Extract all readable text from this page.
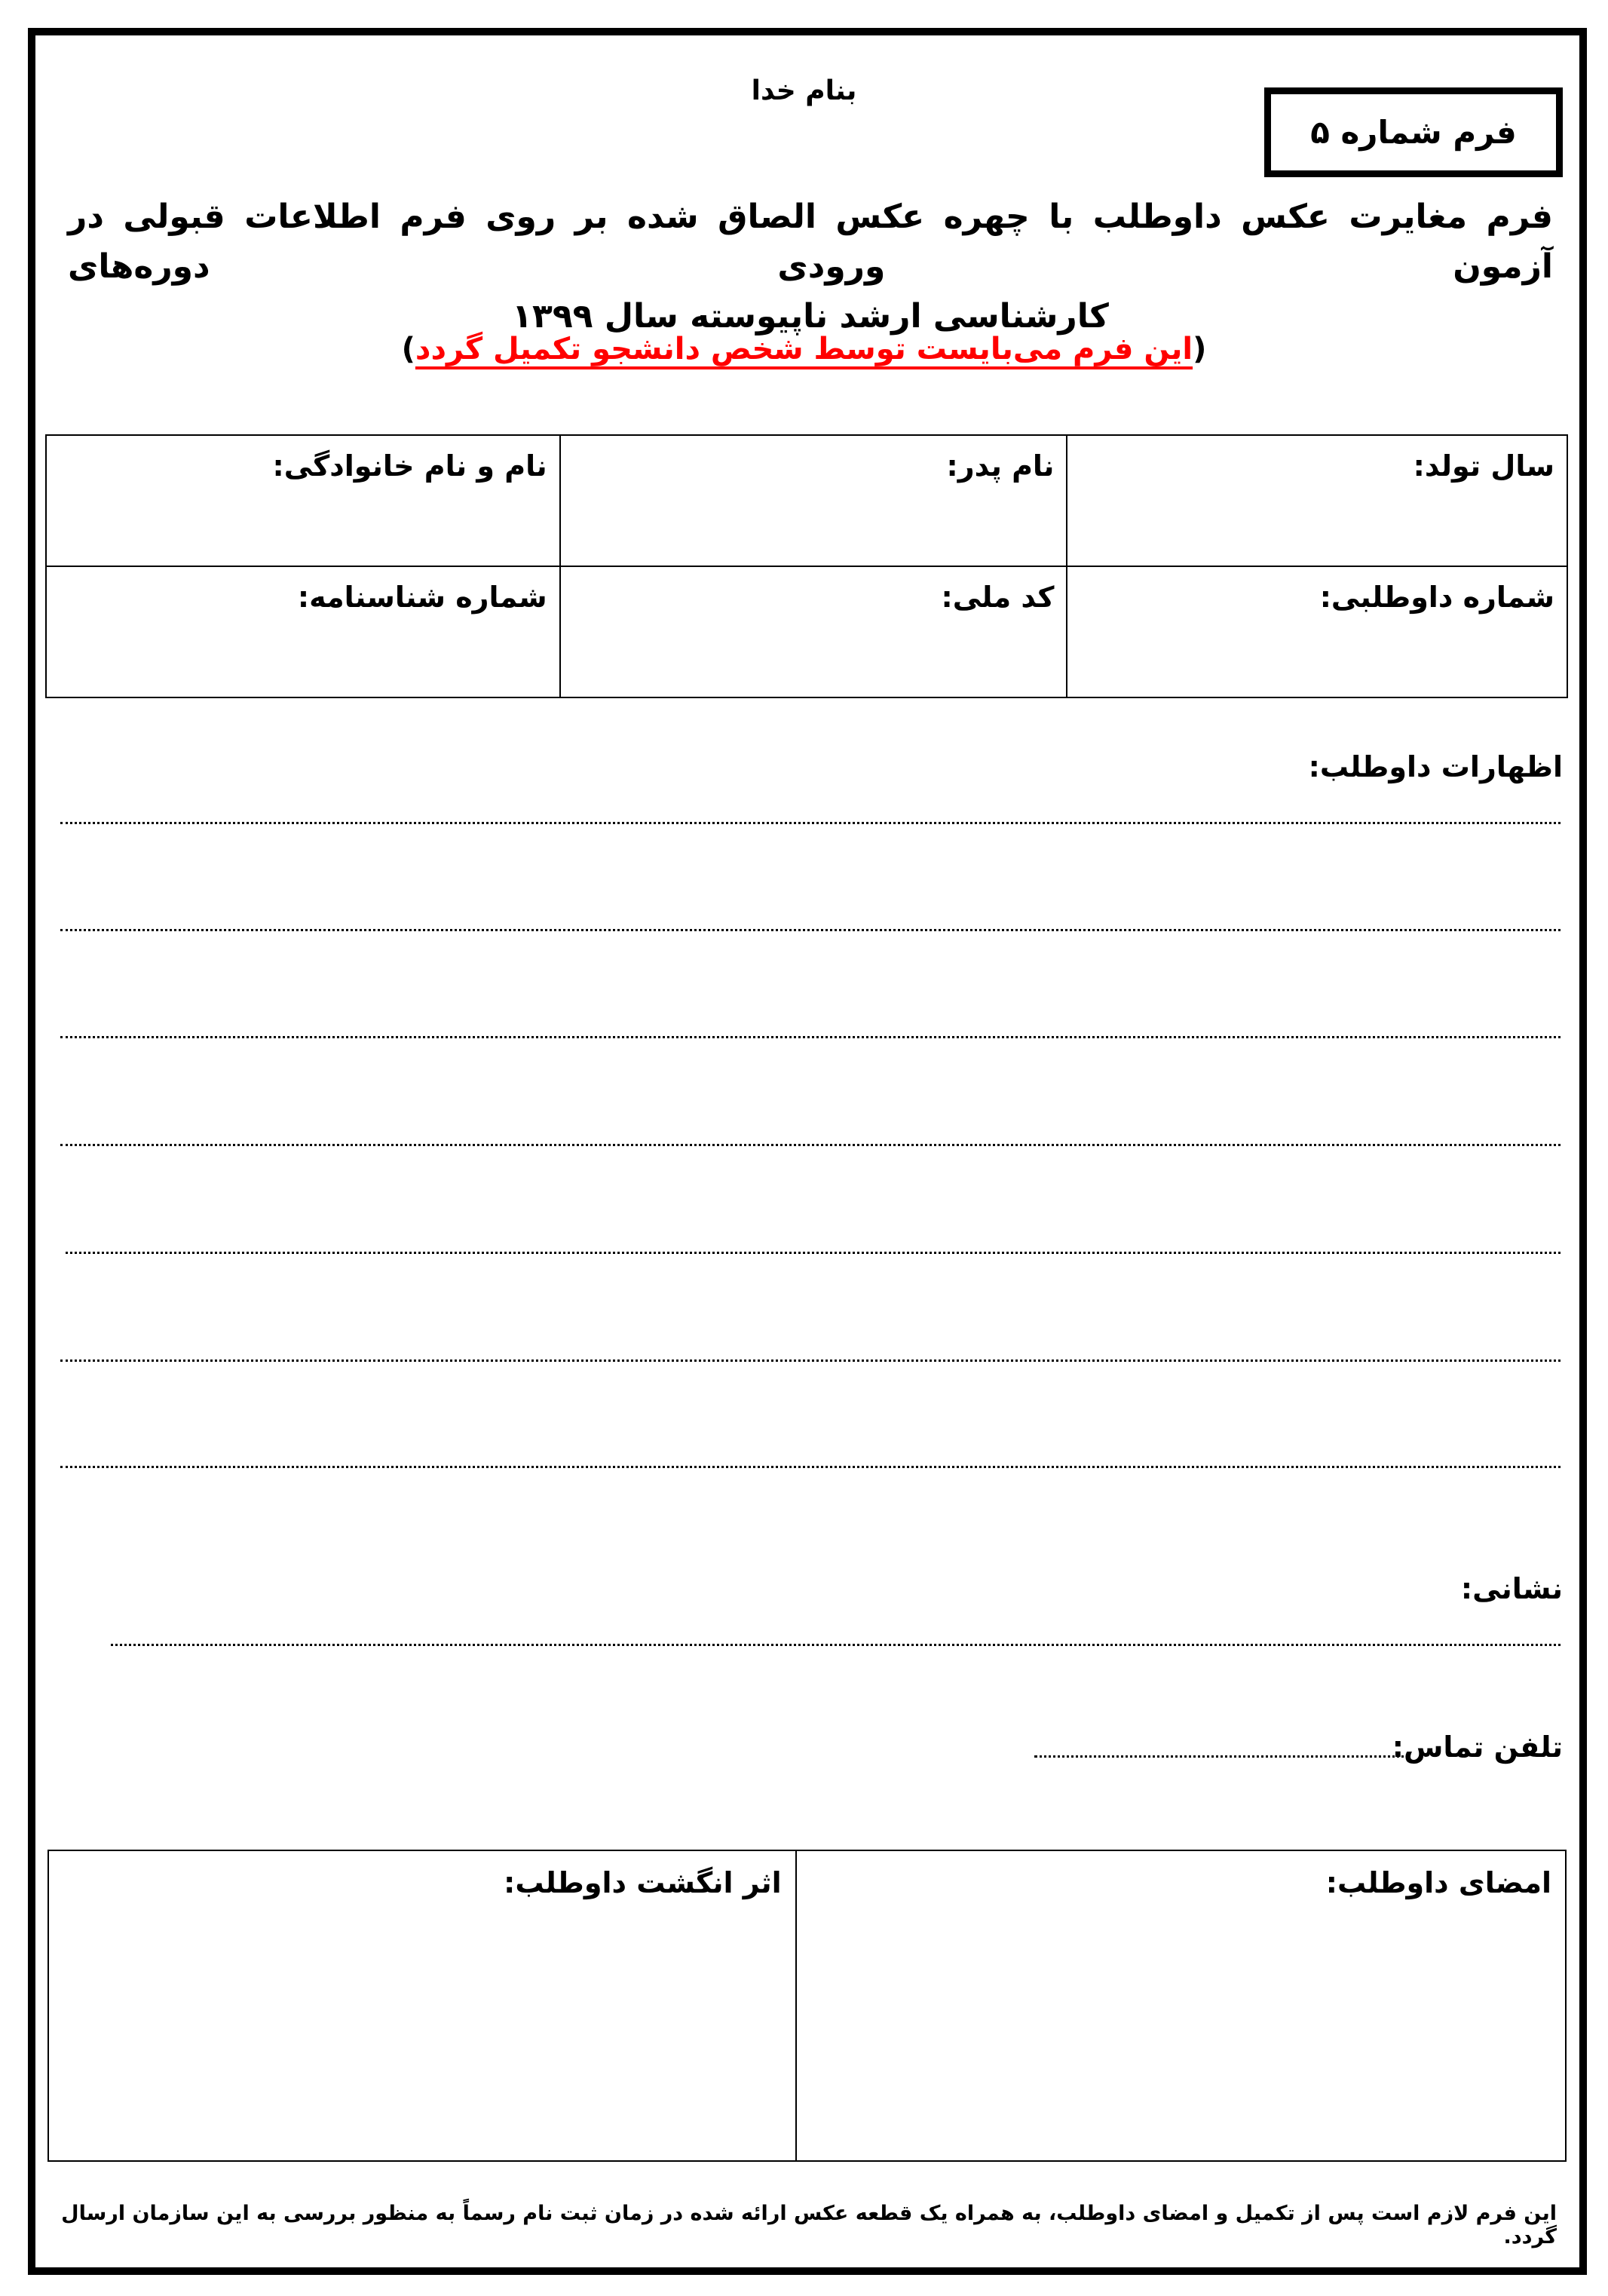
بنام خدا
فرم شماره ۵
فرم مغایرت عکس داوطلب با چهره عکس الصاق شده بر روی فرم اطلاعات قبولی در آزمون ورودی دوره‌های
کارشناسی ارشد ناپیوسته سال ۱۳۹۹
(این فرم می‌بایست توسط شخص دانشجو تکمیل گردد)
نام و نام خانوادگی:	نام پدر:	سال تولد:
شماره شناسنامه:	کد ملی:	شماره داوطلبی:
اظهارات داوطلب:
نشانی:
تلفن تماس:
اثر انگشت داوطلب:	امضای داوطلب:
این فرم لازم است پس از تکمیل و امضای داوطلب، به همراه یک قطعه عکس ارائه شده در زمان ثبت نام رسماً به منظور بررسی به این سازمان ارسال گردد.
